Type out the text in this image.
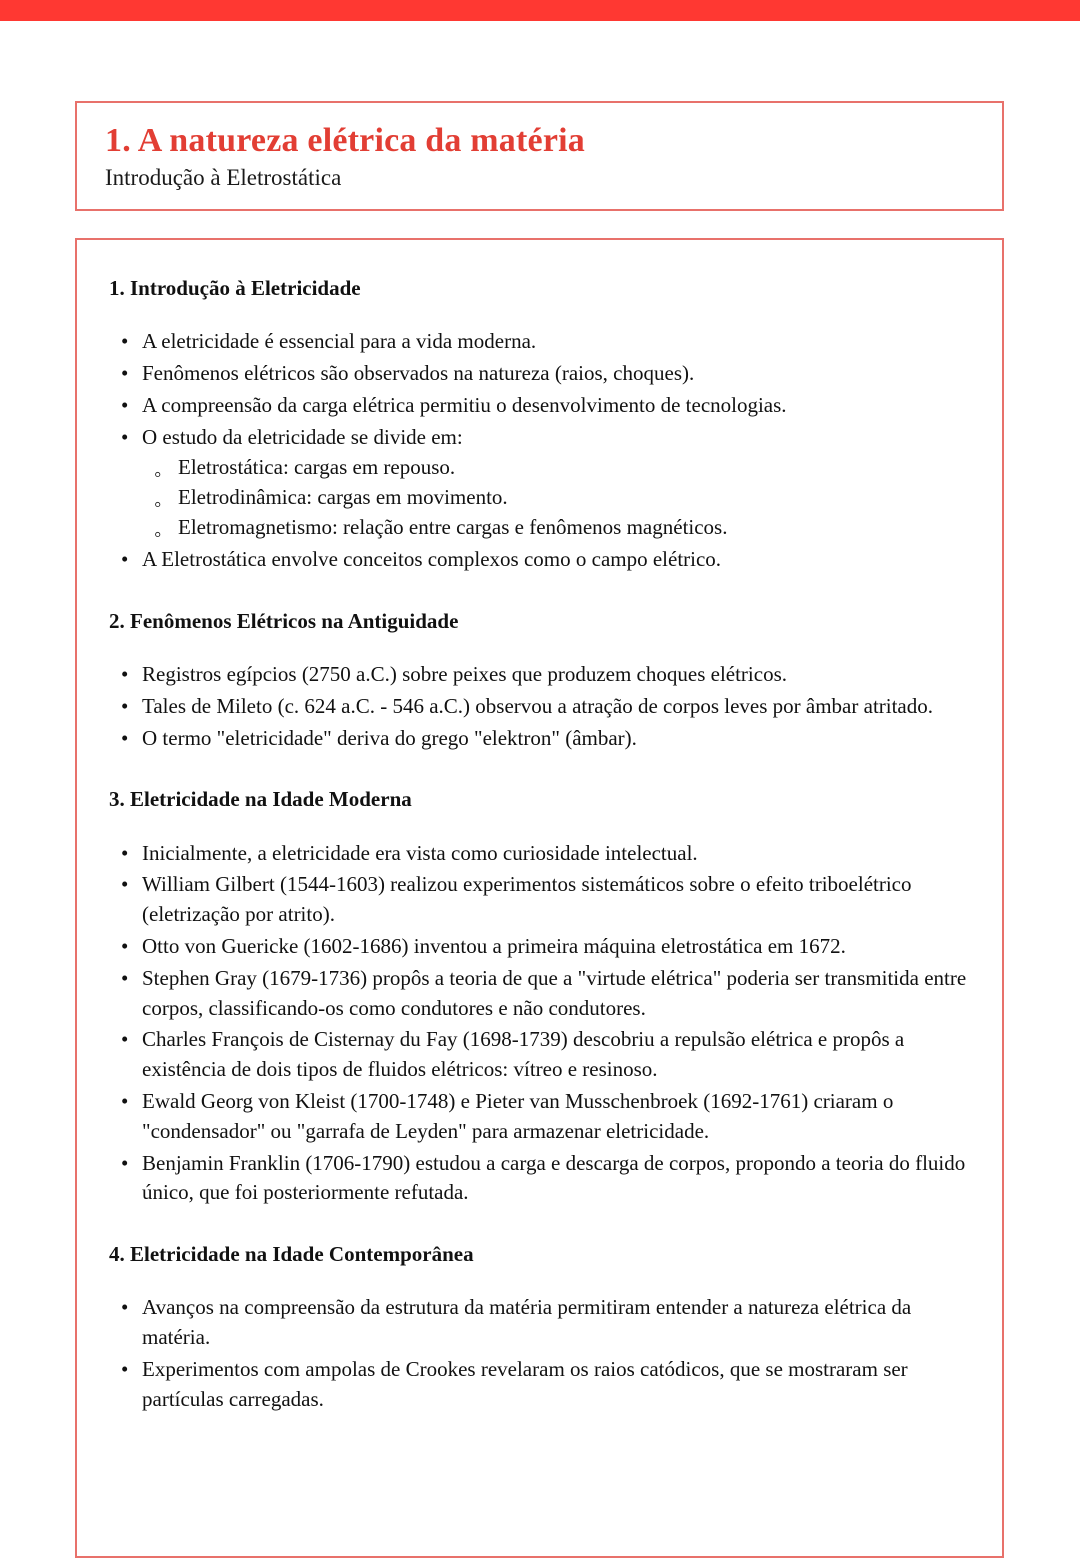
1. A natureza elétrica da matéria
Introdução à Eletrostática
1. Introdução à Eletricidade
•
A eletricidade é essencial para a vida moderna.
•
Fenômenos elétricos são observados na natureza (raios, choques).
•
A compreensão da carga elétrica permitiu o desenvolvimento de tecnologias.
•
O estudo da eletricidade se divide em:
◦
Eletrostática: cargas em repouso.
◦
Eletrodinâmica: cargas em movimento.
◦
Eletromagnetismo: relação entre cargas e fenômenos magnéticos.
•
A Eletrostática envolve conceitos complexos como o campo elétrico.
2. Fenômenos Elétricos na Antiguidade
•
Registros egípcios (2750 a.C.) sobre peixes que produzem choques elétricos.
•
Tales de Mileto (c. 624 a.C. - 546 a.C.) observou a atração de corpos leves por âmbar atritado.
•
O termo "eletricidade" deriva do grego "elektron" (âmbar).
3. Eletricidade na Idade Moderna
•
Inicialmente, a eletricidade era vista como curiosidade intelectual.
•
William Gilbert (1544-1603) realizou experimentos sistemáticos sobre o efeito triboelétrico (eletrização por atrito).
•
Otto von Guericke (1602-1686) inventou a primeira máquina eletrostática em 1672.
•
Stephen Gray (1679-1736) propôs a teoria de que a "virtude elétrica" poderia ser transmitida entre corpos, classificando-os como condutores e não condutores.
•
Charles François de Cisternay du Fay (1698-1739) descobriu a repulsão elétrica e propôs a existência de dois tipos de fluidos elétricos: vítreo e resinoso.
•
Ewald Georg von Kleist (1700-1748) e Pieter van Musschenbroek (1692-1761) criaram o "condensador" ou "garrafa de Leyden" para armazenar eletricidade.
•
Benjamin Franklin (1706-1790) estudou a carga e descarga de corpos, propondo a teoria do fluido único, que foi posteriormente refutada.
4. Eletricidade na Idade Contemporânea
•
Avanços na compreensão da estrutura da matéria permitiram entender a natureza elétrica da matéria.
•
Experimentos com ampolas de Crookes revelaram os raios catódicos, que se mostraram ser partículas carregadas.
